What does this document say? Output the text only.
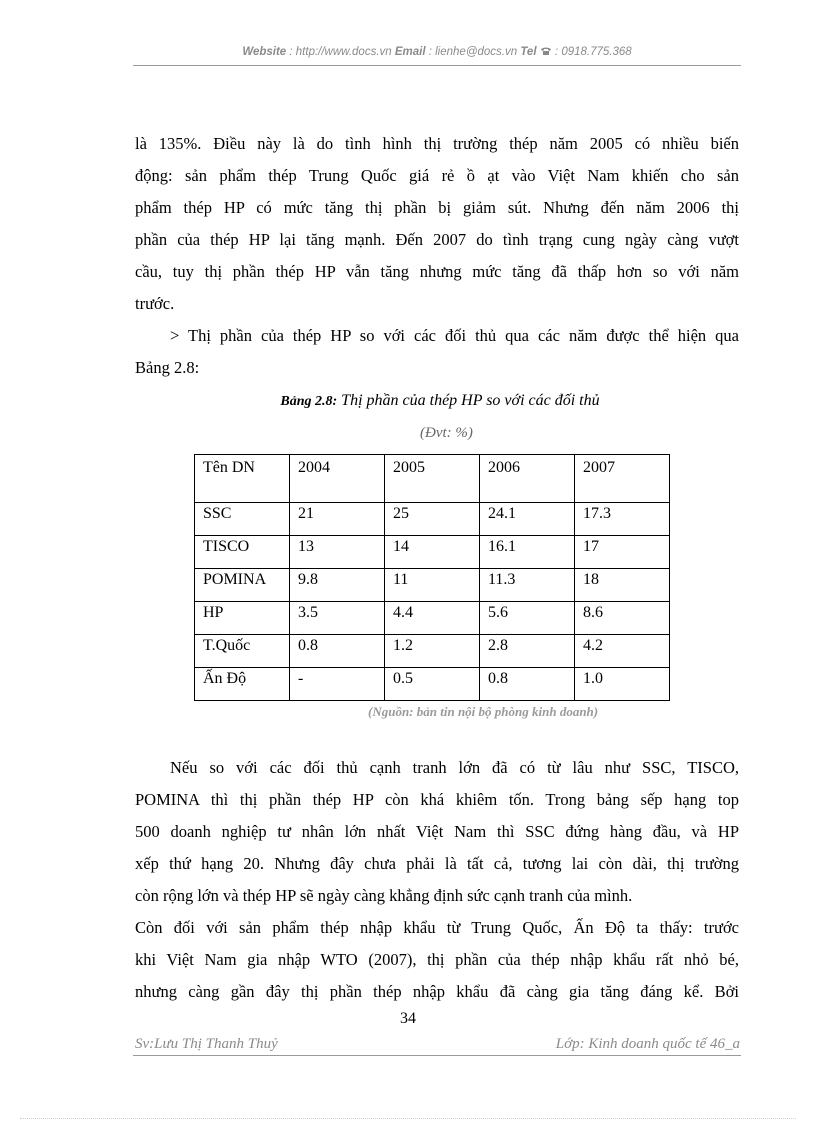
Website : http://www.docs.vn Email : lienhe@docs.vn Tel  : 0918.775.368
là 135%. Điều này là do tình hình thị trường thép năm 2005 có nhiều biến
động: sản phẩm thép Trung Quốc giá rẻ ồ ạt vào Việt Nam khiến cho sản
phẩm thép HP có mức tăng thị phần bị giảm sút. Nhưng đến năm 2006 thị
phần của thép HP lại tăng mạnh. Đến 2007 do tình trạng cung ngày càng vượt
cầu, tuy thị phần thép HP vẫn tăng nhưng mức tăng đã thấp hơn so với năm
trước.
> Thị phần của thép HP so với các đối thủ qua các năm được thể hiện qua
Bảng 2.8:
Bảng 2.8: Thị phần của thép HP so với các đối thủ
(Đvt: %)
Tên DN	2004	2005	2006	2007
SSC	21	25	24.1	17.3
TISCO	13	14	16.1	17
POMINA	9.8	11	11.3	18
HP	3.5	4.4	5.6	8.6
T.Quốc	0.8	1.2	2.8	4.2
Ấn Độ	-	0.5	0.8	1.0
(Nguồn: bản tin nội bộ phòng kinh doanh)
Nếu so với các đối thủ cạnh tranh lớn đã có từ lâu như SSC, TISCO,
POMINA thì thị phần thép HP còn khá khiêm tốn. Trong bảng sếp hạng top
500 doanh nghiệp tư nhân lớn nhất Việt Nam thì SSC đứng hàng đầu, và HP
xếp thứ hạng 20. Nhưng đây chưa phải là tất cả, tương lai còn dài, thị trường
còn rộng lớn và thép HP sẽ ngày càng khẳng định sức cạnh tranh của mình.
Còn đối với sản phẩm thép nhập khẩu từ Trung Quốc, Ấn Độ ta thấy: trước
khi Việt Nam gia nhập WTO (2007), thị phần của thép nhập khẩu rất nhỏ bé,
nhưng càng gần đây thị phần thép nhập khẩu đã càng gia tăng đáng kể. Bởi
34
Sv:Lưu Thị Thanh Thuỷ	Lớp: Kinh doanh quốc tế 46_a
